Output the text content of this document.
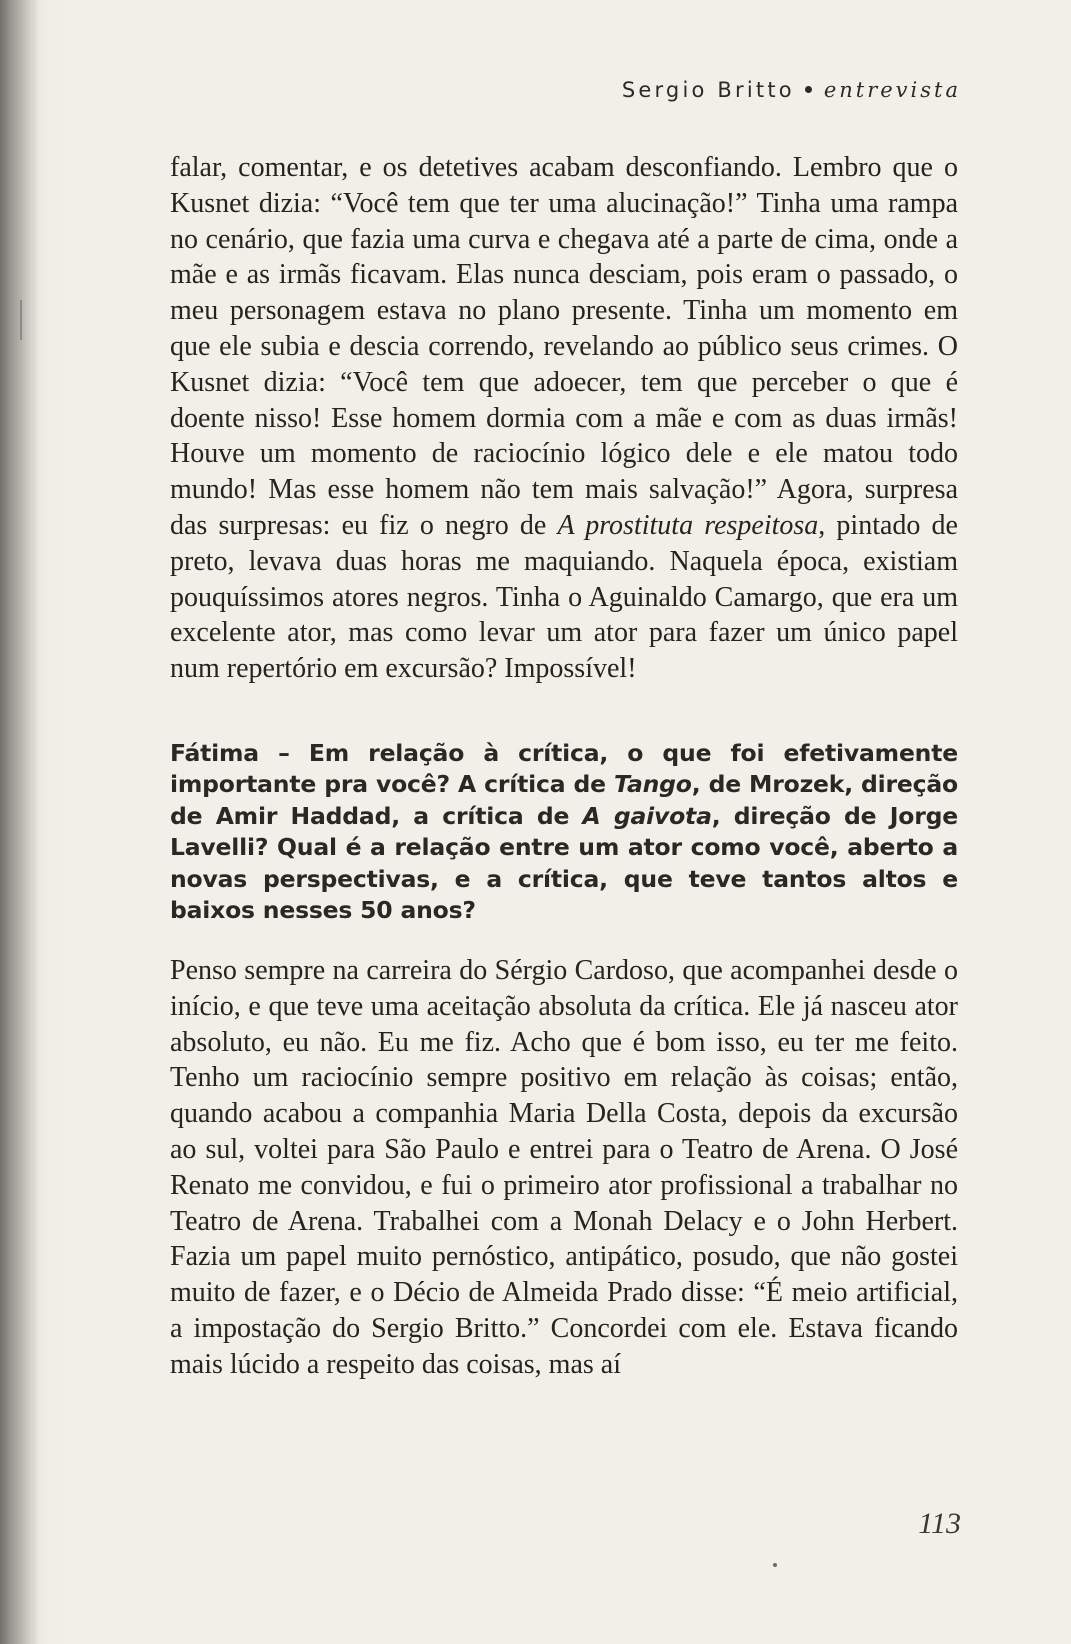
Sergio Britto entrevista

falar, comentar, e os detetives acabam desconfiando. Lembro que o Kusnet dizia: “Você tem que ter uma alucinação!” Tinha uma rampa no cenário, que fazia uma curva e chegava até a parte de cima, onde a mãe e as irmãs ficavam. Elas nunca desciam, pois eram o passado, o meu personagem estava no plano presente. Tinha um momento em que ele subia e descia correndo, revelando ao público seus crimes. O Kusnet dizia: “Você tem que adoecer, tem que perceber o que é doente nisso! Esse homem dormia com a mãe e com as duas irmãs! Houve um momento de raciocínio lógico dele e ele matou todo mundo! Mas esse homem não tem mais salvação!” Agora, surpresa das surpresas: eu fiz o negro de A prostituta respeitosa, pintado de preto, levava duas horas me maquiando. Naquela época, existiam pouquíssimos atores negros. Tinha o Aguinaldo Camargo, que era um excelente ator, mas como levar um ator para fazer um único papel num repertório em excursão? Impossível!

Fátima – Em relação à crítica, o que foi efetivamente importante pra você? A crítica de Tango, de Mrozek, direção de Amir Haddad, a crítica de A gaivota, direção de Jorge Lavelli? Qual é a relação entre um ator como você, aberto a novas perspectivas, e a crítica, que teve tantos altos e baixos nesses 50 anos?

Penso sempre na carreira do Sérgio Cardoso, que acompanhei desde o início, e que teve uma aceitação absoluta da crítica. Ele já nasceu ator absoluto, eu não. Eu me fiz. Acho que é bom isso, eu ter me feito. Tenho um raciocínio sempre positivo em relação às coisas; então, quando acabou a companhia Maria Della Costa, depois da excursão ao sul, voltei para São Paulo e entrei para o Teatro de Arena. O José Renato me convidou, e fui o primeiro ator profissional a trabalhar no Teatro de Arena. Trabalhei com a Monah Delacy e o John Herbert. Fazia um papel muito pernóstico, antipático, posudo, que não gostei muito de fazer, e o Décio de Almeida Prado disse: “É meio artificial, a impostação do Sergio Britto.” Concordei com ele. Estava ficando mais lúcido a respeito das coisas, mas aí

113
